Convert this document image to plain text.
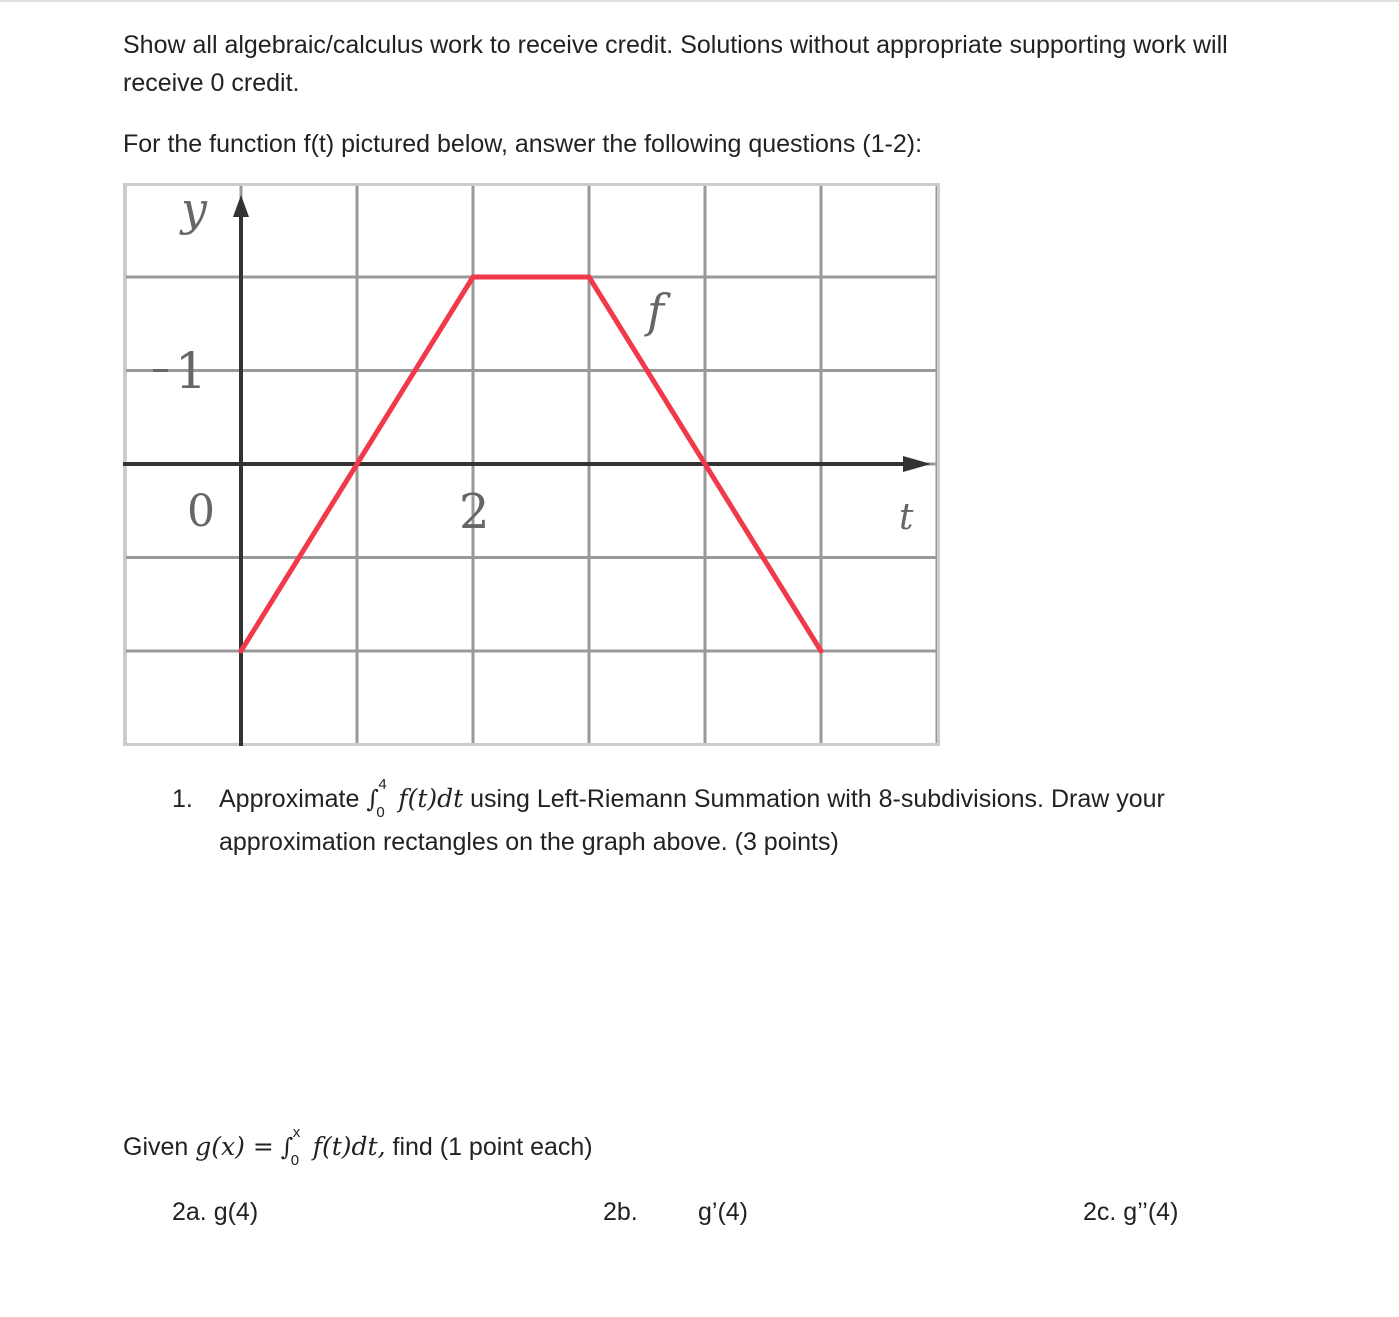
Show all algebraic/calculus work to receive credit. Solutions without appropriate supporting work will
receive 0 credit.
For the function f(t) pictured below, answer the following questions (1-2):
y
1
0	2
f
t
1. Approximate ∫
4
0 f(t)dt using Left-Riemann Summation with 8-subdivisions. Draw your
approximation rectangles on the graph above. (3 points)
Given g(x) = ∫
x
0 f(t)dt, find (1 point each)
2a. g(4)	2b. g’(4)	2c. g’’(4)
